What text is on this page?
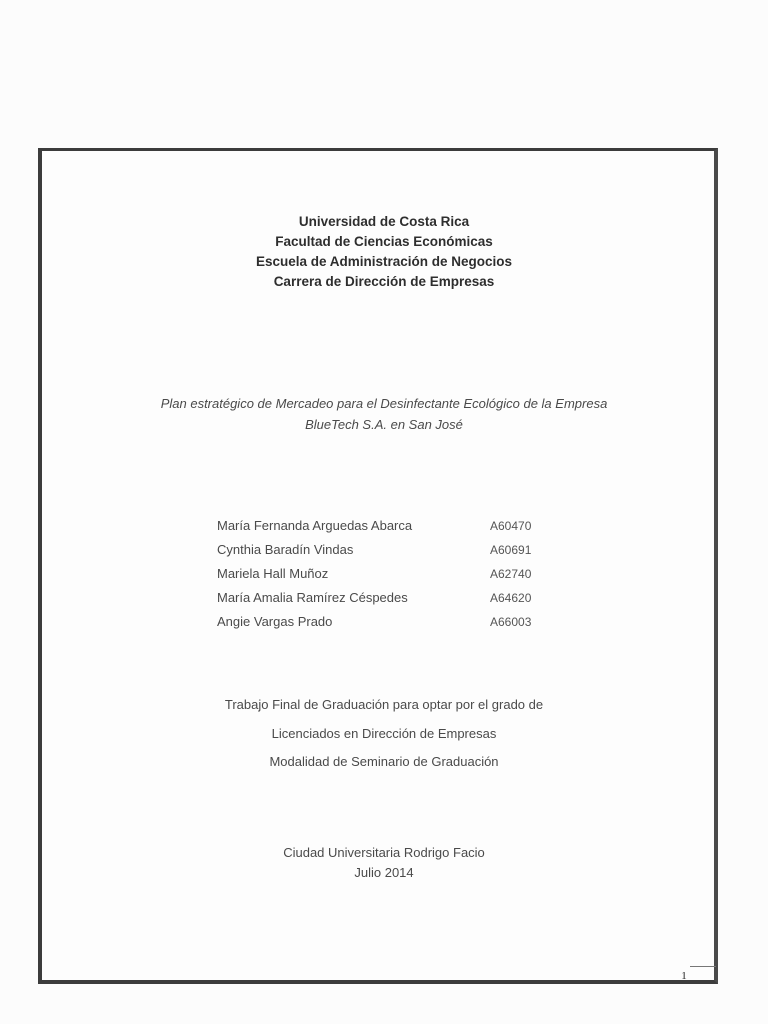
Universidad de Costa Rica
Facultad de Ciencias Económicas
Escuela de Administración de Negocios
Carrera de Dirección de Empresas
Plan estratégico de Mercadeo para el Desinfectante Ecológico de la Empresa
BlueTech S.A. en San José
María Fernanda Arguedas Abarca	A60470
Cynthia Baradín Vindas	A60691
Mariela Hall Muñoz	A62740
María Amalia Ramírez Céspedes	A64620
Angie Vargas Prado	A66003
Trabajo Final de Graduación para optar por el grado de
Licenciados en Dirección de Empresas
Modalidad de Seminario de Graduación
Ciudad Universitaria Rodrigo Facio
Julio 2014
1
